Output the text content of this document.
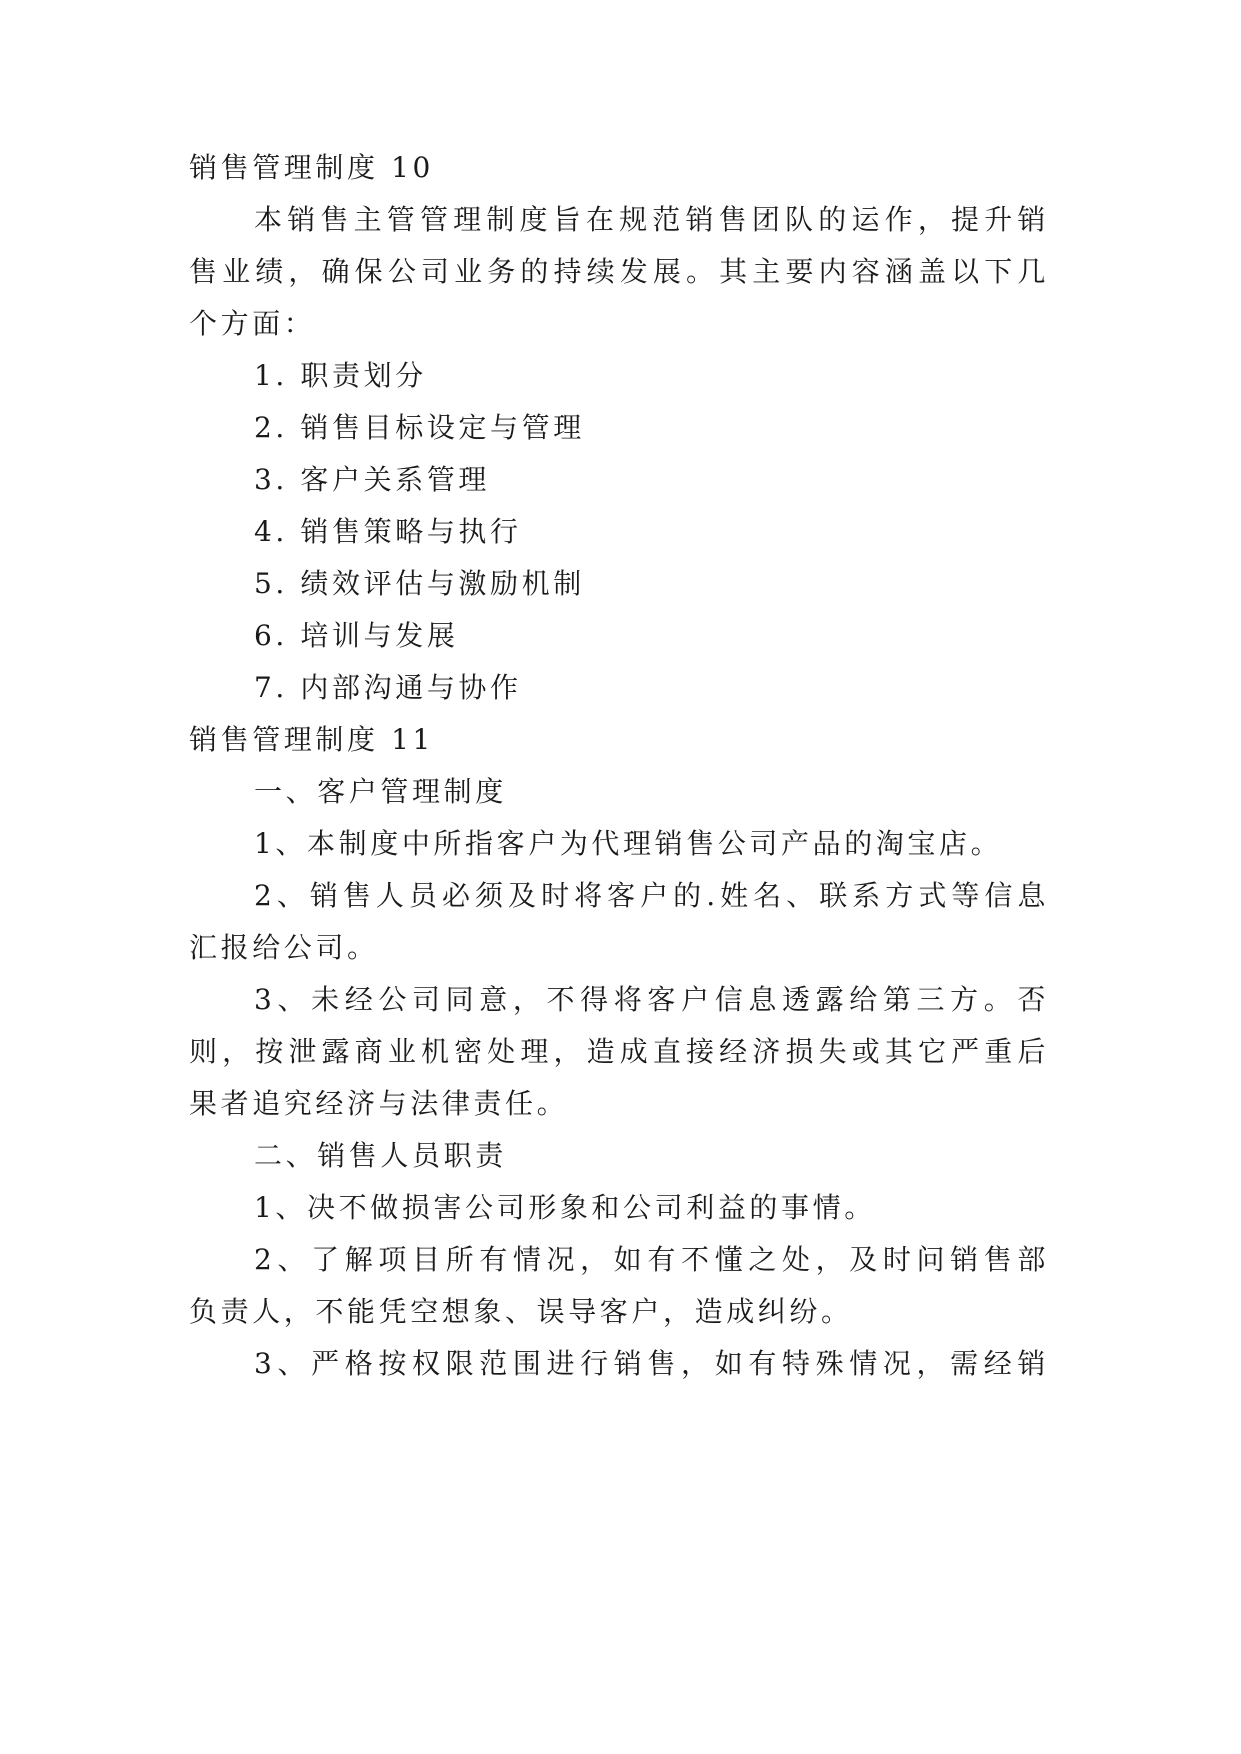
销售管理制度 10
本销售主管管理制度旨在规范销售团队的运作，提升销
售业绩，确保公司业务的持续发展。其主要内容涵盖以下几
个方面：
1. 职责划分
2. 销售目标设定与管理
3. 客户关系管理
4. 销售策略与执行
5. 绩效评估与激励机制
6. 培训与发展
7. 内部沟通与协作
销售管理制度 11
一、客户管理制度
1、本制度中所指客户为代理销售公司产品的淘宝店。
2、销售人员必须及时将客户的.姓名、联系方式等信息
汇报给公司。
3、未经公司同意，不得将客户信息透露给第三方。否
则，按泄露商业机密处理，造成直接经济损失或其它严重后
果者追究经济与法律责任。
二、销售人员职责
1、决不做损害公司形象和公司利益的事情。
2、了解项目所有情况，如有不懂之处，及时问销售部
负责人，不能凭空想象、误导客户，造成纠纷。
3、严格按权限范围进行销售，如有特殊情况，需经销
